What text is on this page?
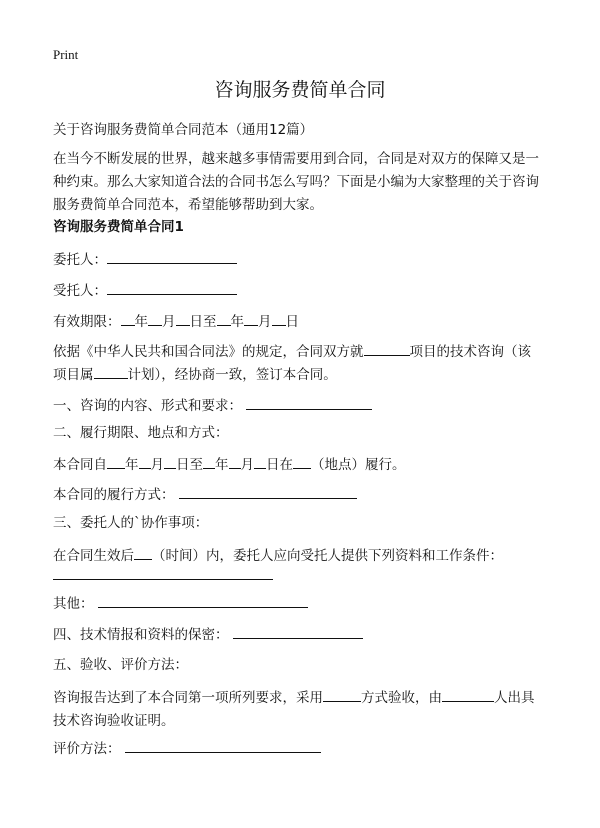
Print
咨询服务费简单合同
关于咨询服务费简单合同范本（通用12篇）
在当今不断发展的世界，越来越多事情需要用到合同，合同是对双方的保障又是一
种约束。那么大家知道合法的合同书怎么写吗？下面是小编为大家整理的关于咨询
服务费简单合同范本，希望能够帮助到大家。
咨询服务费简单合同1
委托人：
受托人：
有效期限： 年 月 日至 年 月 日
依据《中华人民共和国合同法》的规定，合同双方就	项目的技术咨询（该
项目属	计划），经协商一致，签订本合同。
一、咨询的内容、形式和要求：
二、履行期限、地点和方式：
本合同自 年 月 日至 年 月 日在 （地点）履行。
本合同的履行方式：
三、委托人的`协作事项：
在合同生效后 （时间）内，委托人应向受托人提供下列资料和工作条件：
其他：
四、技术情报和资料的保密：
五、验收、评价方法：
咨询报告达到了本合同第一项所列要求，采用	方式验收，由	人出具
技术咨询验收证明。
评价方法：
